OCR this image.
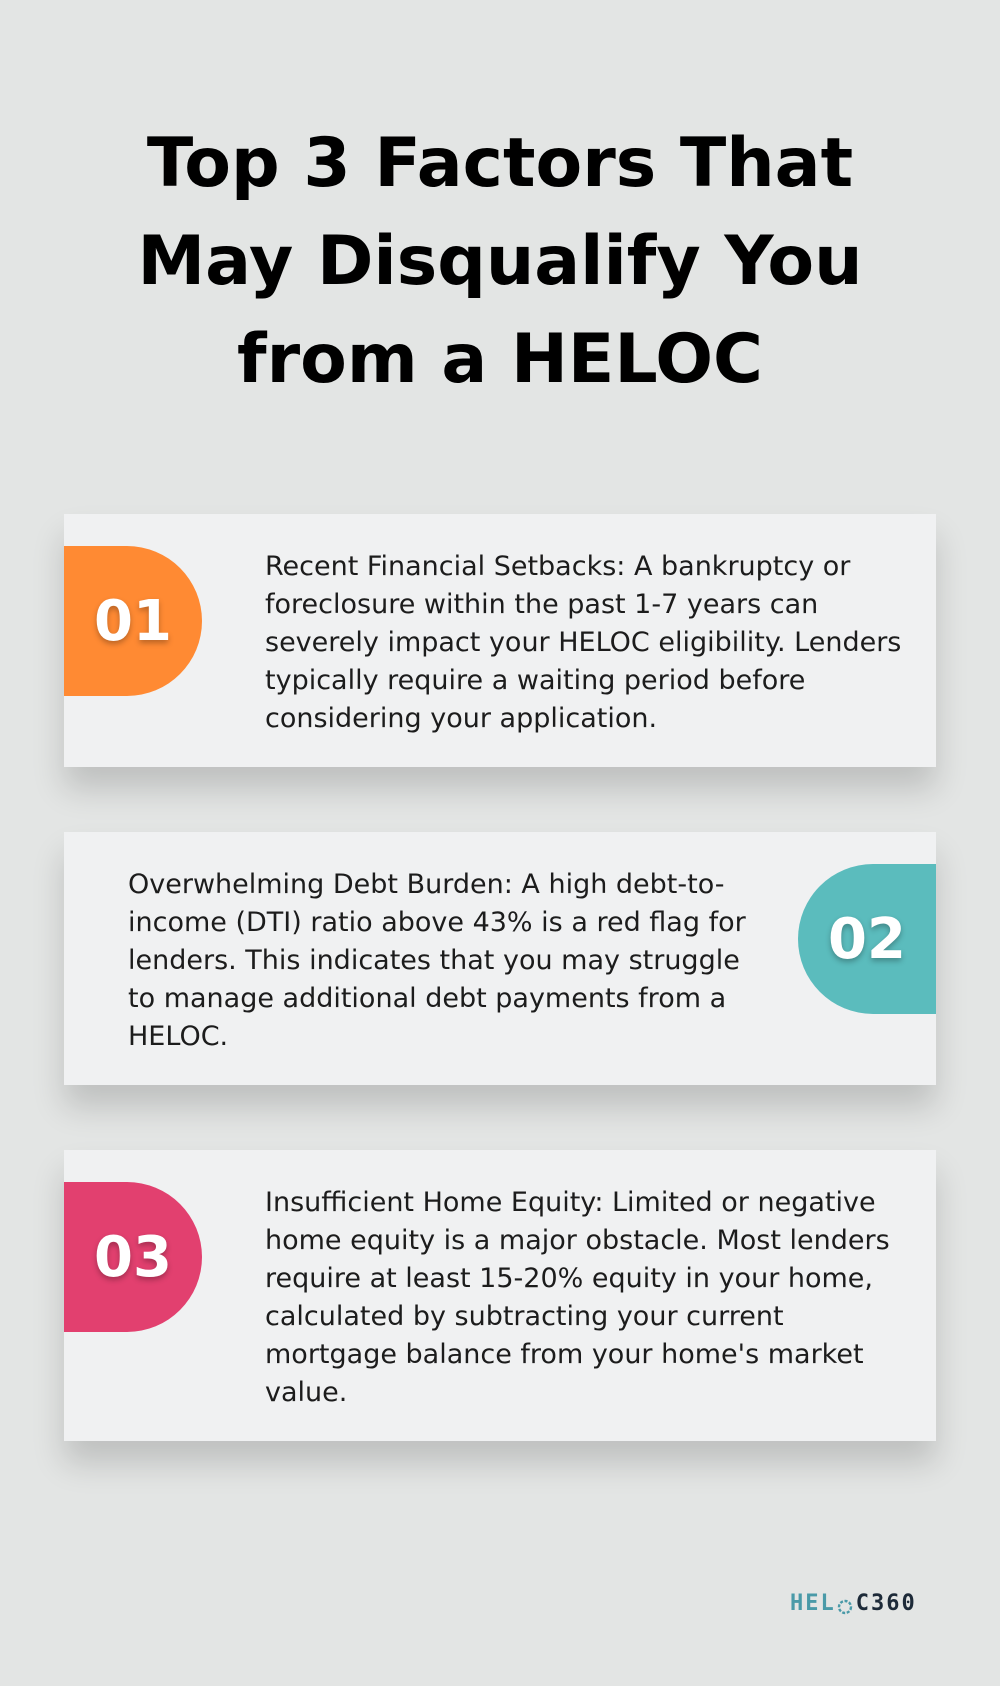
Top 3 Factors That May Disqualify You from a HELOC
01

Recent Financial Setbacks: A bankruptcy or foreclosure within the past 1-7 years can severely impact your HELOC eligibility. Lenders typically require a waiting period before considering your application.

Overwhelming Debt Burden: A high debt-to-income (DTI) ratio above 43% is a red flag for lenders. This indicates that you may struggle to manage additional debt payments from a HELOC.

02
03

Insufficient Home Equity: Limited or negative home equity is a major obstacle. Most lenders require at least 15-20% equity in your home, calculated by subtracting your current mortgage balance from your home's market value.

HEL C360
